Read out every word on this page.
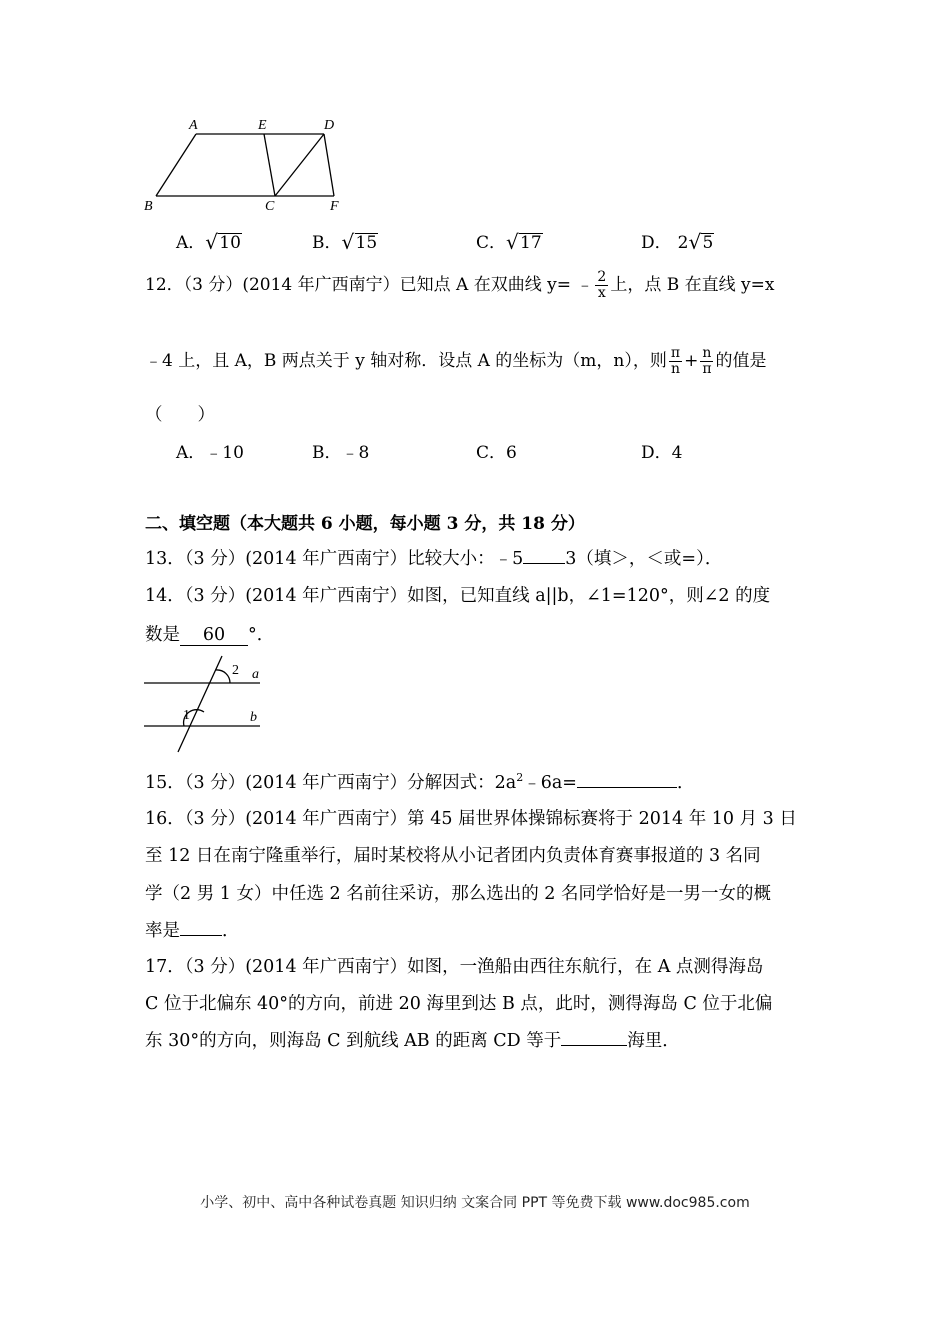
A	E	D
B	C	F
A． √ 10	B． √ 15	C． √ 17	D． 2 √ 5
12．（3 分）(2014 年广西南宁）已知点 A 在双曲线 y= ﹣ $\frac{2}{x}$ 上，点 B 在直线 y=x
﹣4 上，且 A，B 两点关于 y 轴对称．设点 A 的坐标为（m，n），则 $\frac{\pi}{n} + \frac{n}{\pi}$ 的值是
（　　）
A．﹣10	B．﹣8	C．6	D．4
二、填空题（本大题共 6 小题，每小题 3 分，共 18 分）
13．（3 分）(2014 年广西南宁）比较大小：﹣5 3（填＞，＜或=）．
14．（3 分）(2014 年广西南宁）如图，已知直线 a||b，∠1=120°，则∠2 的度
数是 60 °．
2
1
a
b
15．（3 分）(2014 年广西南宁）分解因式：$2a^2﹣6a=$	．
16．（3 分）(2014 年广西南宁）第 45 届世界体操锦标赛将于 2014 年 10 月 3 日
至 12 日在南宁隆重举行，届时某校将从小记者团内负责体育赛事报道的 3 名同
学（2 男 1 女）中任选 2 名前往采访，那么选出的 2 名同学恰好是一男一女的概
率是 ．
17．（3 分）(2014 年广西南宁）如图，一渔船由西往东航行，在 A 点测得海岛
C 位于北偏东 40°的方向，前进 20 海里到达 B 点，此时，测得海岛 C 位于北偏
东 30°的方向，则海岛 C 到航线 AB 的距离 CD 等于	海里．
小学、初中、高中各种试卷真题 知识归纳 文案合同 PPT 等免费下载 www.doc985.com
